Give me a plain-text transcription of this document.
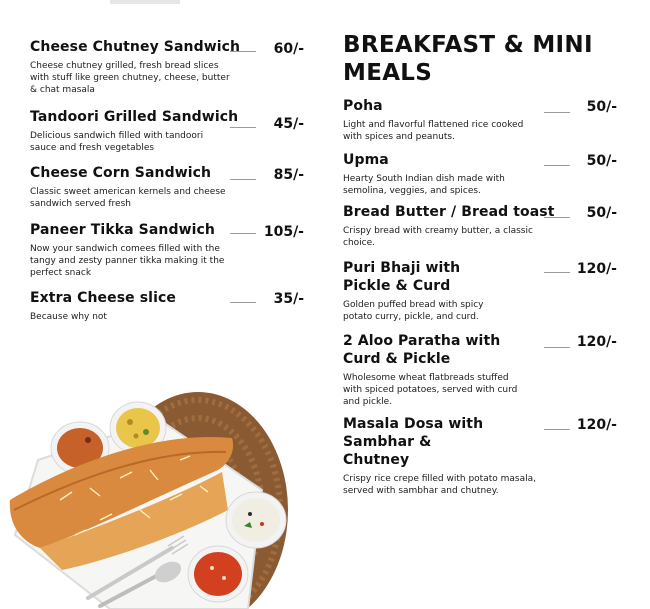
Cheese Chutney Sandwich
Cheese chutney grilled, fresh bread slices with stuff like green chutney, cheese, butter & chat masala
60/-
Tandoori Grilled Sandwich
Delicious sandwich filled with tandoori sauce and fresh vegetables
45/-
Cheese Corn Sandwich
Classic sweet american kernels and cheese sandwich served fresh
85/-
Paneer Tikka Sandwich
Now your sandwich comees filled with the tangy and zesty panner tikka making it the perfect snack
105/-
Extra Cheese slice
Because why not
35/-
BREAKFAST & MINI MEALS
Poha
Light and flavorful flattened rice cooked with spices and peanuts.
50/-
Upma
Hearty South Indian dish made with semolina, veggies, and spices.
50/-
Bread Butter / Bread toast
Crispy bread with creamy butter, a classic choice.
50/-
Puri Bhaji with Pickle & Curd
Golden puffed bread with spicy potato curry, pickle, and curd.
120/-
2 Aloo Paratha with Curd & Pickle
Wholesome wheat flatbreads stuffed with spiced potatoes, served with curd and pickle.
120/-
Masala Dosa with Sambhar & Chutney
Crispy rice crepe filled with potato masala, served with sambhar and chutney.
120/-
